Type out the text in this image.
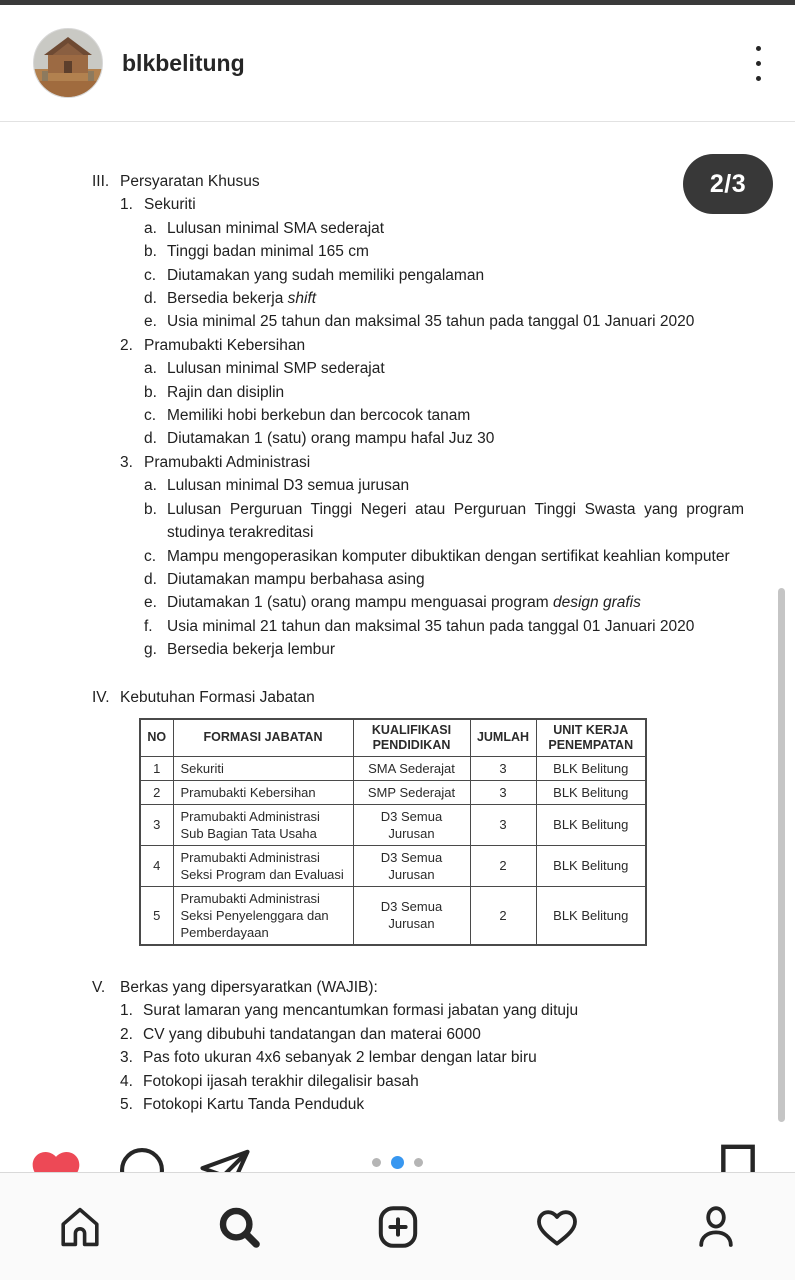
blkbelitung
2/3
III. Persyaratan Khusus
1. Sekuriti
a. Lulusan minimal SMA sederajat
b. Tinggi badan minimal 165 cm
c. Diutamakan yang sudah memiliki pengalaman
d. Bersedia bekerja shift
e. Usia minimal 25 tahun dan maksimal 35 tahun pada tanggal 01 Januari 2020
2. Pramubakti Kebersihan
a. Lulusan minimal SMP sederajat
b. Rajin dan disiplin
c. Memiliki hobi berkebun dan bercocok tanam
d. Diutamakan 1 (satu) orang mampu hafal Juz 30
3. Pramubakti Administrasi
a. Lulusan minimal D3 semua jurusan
b. Lulusan Perguruan Tinggi Negeri atau Perguruan Tinggi Swasta yang program studinya terakreditasi
c. Mampu mengoperasikan komputer dibuktikan dengan sertifikat keahlian komputer
d. Diutamakan mampu berbahasa asing
e. Diutamakan 1 (satu) orang mampu menguasai program design grafis
f. Usia minimal 21 tahun dan maksimal 35 tahun pada tanggal 01 Januari 2020
g. Bersedia bekerja lembur
IV. Kebutuhan Formasi Jabatan
NO	FORMASI JABATAN	KUALIFIKASI PENDIDIKAN	JUMLAH	UNIT KERJA PENEMPATAN
1	Sekuriti	SMA Sederajat	3	BLK Belitung
2	Pramubakti Kebersihan	SMP Sederajat	3	BLK Belitung
3	Pramubakti Administrasi Sub Bagian Tata Usaha	D3 Semua Jurusan	3	BLK Belitung
4	Pramubakti Administrasi Seksi Program dan Evaluasi	D3 Semua Jurusan	2	BLK Belitung
5	Pramubakti Administrasi Seksi Penyelenggara dan Pemberdayaan	D3 Semua Jurusan	2	BLK Belitung
V. Berkas yang dipersyaratkan (WAJIB):
1. Surat lamaran yang mencantumkan formasi jabatan yang dituju
2. CV yang dibubuhi tandatangan dan materai 6000
3. Pas foto ukuran 4x6 sebanyak 2 lembar dengan latar biru
4. Fotokopi ijasah terakhir dilegalisir basah
5. Fotokopi Kartu Tanda Penduduk
